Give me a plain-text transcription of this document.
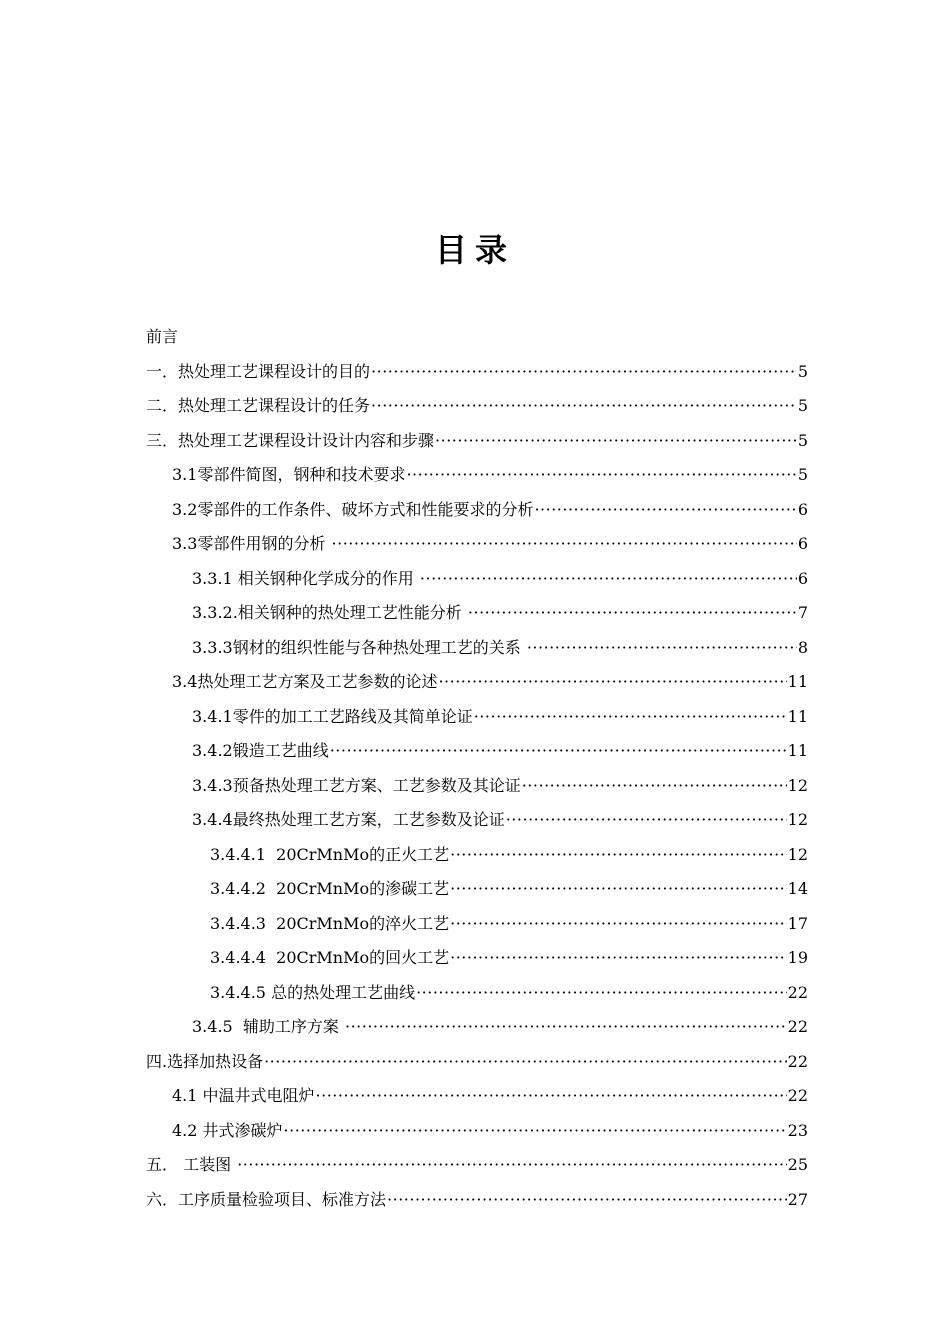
目录
前言
一．热处理工艺课程设计的目的 ·····	5
二．热处理工艺课程设计的任务 ·····	5
三．热处理工艺课程设计设计内容和步骤 ·····	5
3.1零部件简图，钢种和技术要求 ·····	5
3.2零部件的工作条件、破坏方式和性能要求的分析 ·····	6
3.3零部件用钢的分析 ·····	6
3.3.1 相关钢种化学成分的作用 ·····	6
3.3.2.相关钢种的热处理工艺性能分析 ·····	7
3.3.3钢材的组织性能与各种热处理工艺的关系 ·····	8
3.4热处理工艺方案及工艺参数的论述 ·····	11
3.4.1零件的加工工艺路线及其简单论证 ·····	11
3.4.2锻造工艺曲线 ·····	11
3.4.3预备热处理工艺方案、工艺参数及其论证 ·····	12
3.4.4最终热处理工艺方案，工艺参数及论证 ·····	12
3.4.4.1  20CrMnMo的正火工艺 ·····	12
3.4.4.2  20CrMnMo的渗碳工艺 ·····	14
3.4.4.3  20CrMnMo的淬火工艺 ·····	17
3.4.4.4  20CrMnMo的回火工艺 ·····	19
3.4.4.5 总的热处理工艺曲线 ·····	22
3.4.5  辅助工序方案 ·····	22
四.选择加热设备 ·····	22
4.1 中温井式电阻炉 ·····	22
4.2 井式渗碳炉 ·····	23
五． 工装图 ·····	25
六．工序质量检验项目、标准方法 ·····	27
